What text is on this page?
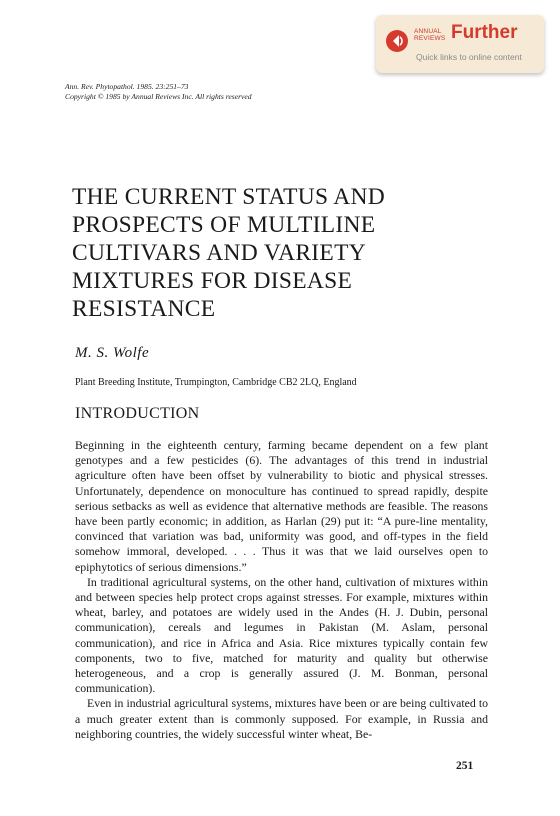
ANNUAL
REVIEWS Further
Quick links to online content
Ann. Rev. Phytopathol. 1985. 23:251–73
Copyright © 1985 by Annual Reviews Inc. All rights reserved
THE CURRENT STATUS AND PROSPECTS OF MULTILINE CULTIVARS AND VARIETY MIXTURES FOR DISEASE RESISTANCE
M. S. Wolfe
Plant Breeding Institute, Trumpington, Cambridge CB2 2LQ, England
INTRODUCTION

Beginning in the eighteenth century, farming became dependent on a few plant genotypes and a few pesticides (6). The advantages of this trend in industrial agriculture often have been offset by vulnerability to biotic and physical stresses. Unfortunately, dependence on monoculture has continued to spread rapidly, despite serious setbacks as well as evidence that alternative methods are feasible. The reasons have been partly economic; in addition, as Harlan (29) put it: “A pure-line mentality, convinced that variation was bad, uniformity was good, and off-types in the field somehow immoral, developed. . . . Thus it was that we laid ourselves open to epiphytotics of serious dimensions.”

In traditional agricultural systems, on the other hand, cultivation of mixtures within and between species help protect crops against stresses. For example, mixtures within wheat, barley, and potatoes are widely used in the Andes (H. J. Dubin, personal communication), cereals and legumes in Pakistan (M. Aslam, personal communication), and rice in Africa and Asia. Rice mixtures typically contain few components, two to five, matched for maturity and quality but otherwise heterogeneous, and a crop is generally assured (J. M. Bonman, personal communication).

Even in industrial agricultural systems, mixtures have been or are being cultivated to a much greater extent than is commonly supposed. For example, in Russia and neighboring countries, the widely successful winter wheat, Be-

251
